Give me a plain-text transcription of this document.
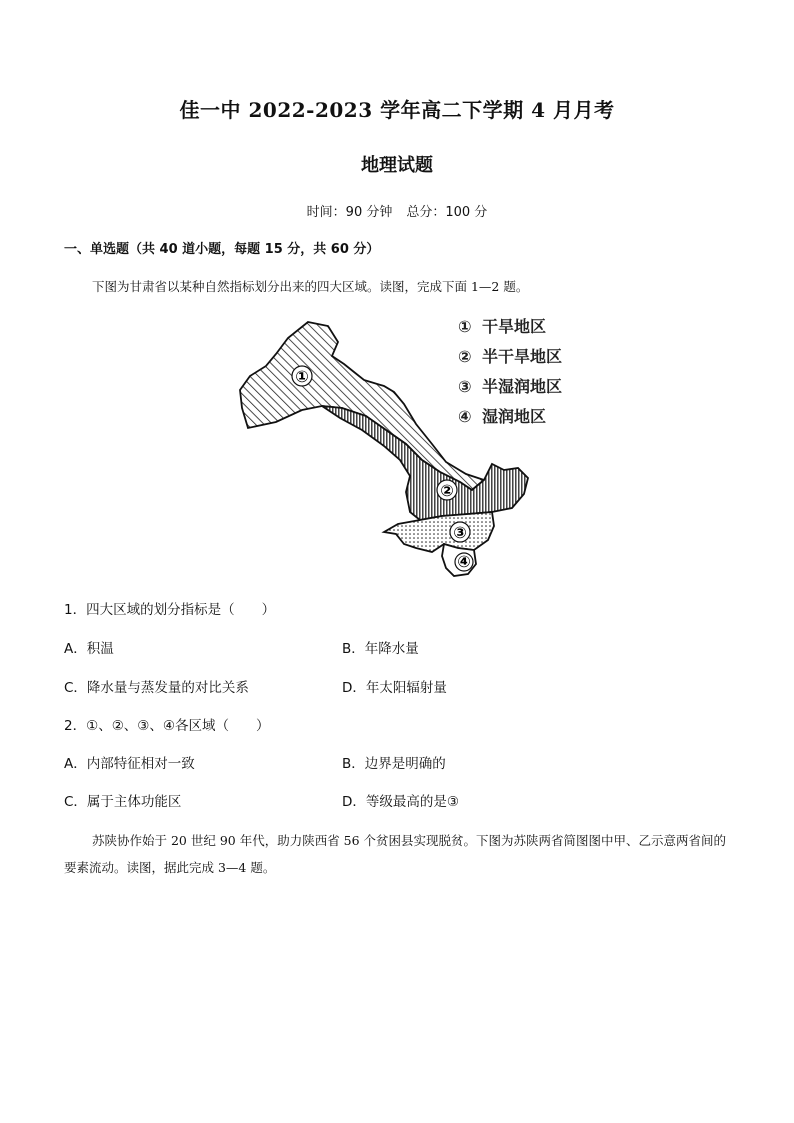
佳一中 2022-2023 学年高二下学期 4 月月考
地理试题
时间：90 分钟 总分：100 分
一、单选题（共 40 道小题，每题 15 分，共 60 分）
下图为甘肃省以某种自然指标划分出来的四大区域。读图，完成下面 1—2 题。
①
②
③
④
① 干旱地区
② 半干旱地区
③ 半湿润地区
④ 湿润地区
1．四大区域的划分指标是（　　）
A．积温	B．年降水量
C．降水量与蒸发量的对比关系	D．年太阳辐射量
2．①、②、③、④各区域（　　）
A．内部特征相对一致	B．边界是明确的
C．属于主体功能区	D．等级最高的是③
苏陕协作始于 20 世纪 90 年代，助力陕西省 56 个贫困县实现脱贫。下图为苏陕两省简图图中甲、乙示意两省间的要素流动。读图，据此完成 3—4 题。
